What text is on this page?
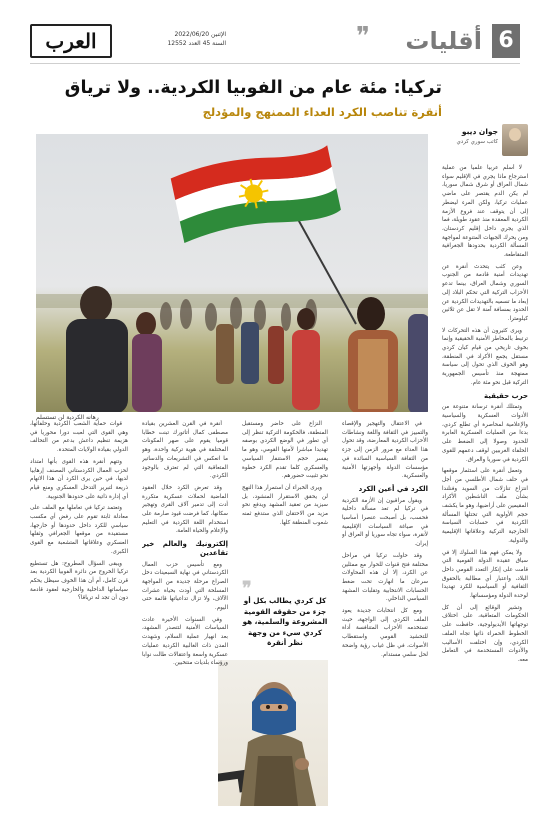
6
أقليات
❞
الإثنين 2022/06/20
السنة 45 العدد 12552
العرب
تركيا: مئة عام من الفوبيا الكردية.. ولا ترياق
أنقرة تناصب الكرد العداء الممنهج والمؤدلج
جوان ديبو
كاتب سوري كردي
رهانه الكردية لن تستسلم

لا أسلم عربيا علميا من عملية استرجاع ماذا يجري في الإقليم سواء شمال العراق أو شرق شمال سوريا، لم يكن الدم يقتصر على ماضي عمليات تركيا، ولكن المرء ليضطر إلى أن يتوقف عند فروع الأزمة الكردية المعقدة منذ عقود طويلة، فما الذي يجري داخل إقليم كردستان، ومن يحرك الجبهات المتنوعة لمواجهة المسألة الكردية بحدودها الجغرافية المتقاطعة.

وعن كثب يتحدث أنقرة عن تهديدات أمنية قادمة من الجنوب السوري وشمال العراق، بينما تدعو الأحزاب التركية التي تحكم البلاد إلى إبعاد ما تسميه بالتهديدات الكردية عن الحدود بمسافة آمنة لا تقل عن ثلاثين كيلومترا.

ويرى كثيرون أن هذه التحركات لا ترتبط بالمخاطر الأمنية الحقيقية وإنما بخوف تاريخي من قيام كيان كردي مستقل يجمع الأكراد في المنطقة، وهو الخوف الذي تحول إلى سياسة ممنهجة منذ تأسيس الجمهورية التركية قبل نحو مئة عام.

حرب حقيقية

وتمتلك أنقرة ترسانة متنوعة من الأدوات العسكرية والسياسية والإعلامية لمحاصرة أي تطلع كردي، بدءا من العمليات العسكرية العابرة للحدود وصولا إلى الضغط على الحلفاء الغربيين لوقف دعمهم للقوى الكردية في سوريا والعراق.

وتعمل أنقرة على استثمار موقعها في حلف شمال الأطلسي من أجل انتزاع تنازلات من السويد وفنلندا بشأن ملف الناشطين الأكراد المقيمين على أراضيها، وهو ما يكشف حجم الأولوية التي تحتلها المسألة الكردية في حسابات السياسة الخارجية التركية وعلاقاتها الإقليمية والدولية.

ولا يمكن فهم هذا السلوك إلا في سياق عقيدة الدولة القومية التي قامت على إنكار التعدد القومي داخل البلاد، واعتبار أي مطالبة بالحقوق الثقافية أو السياسية للكرد تهديدا لوحدة الدولة ومؤسساتها.

وتشير الوقائع إلى أن كل الحكومات المتعاقبة، على اختلاف توجهاتها الأيديولوجية، حافظت على الخطوط الحمراء ذاتها تجاه الملف الكردي، وإن اختلفت الأساليب والأدوات المستخدمة في التعامل معه.

في الاعتقال والتهجير والإقصاء والتمييز في الثقافة واللغة ونشاطات الأحزاب الكردية المعارضة، وقد تحول هذا العداء مع مرور الزمن إلى جزء من الثقافة السياسية السائدة في مؤسسات الدولة وأجهزتها الأمنية والعسكرية.

الكرد في أعين الكرد

ويقول مراقبون إن الأزمة الكردية في تركيا لم تعد مسألة داخلية فحسب، بل أصبحت عنصرا أساسيا في صياغة السياسات الإقليمية لأنقرة، سواء تجاه سوريا أو العراق أو إيران.

وقد حاولت تركيا في مراحل مختلفة فتح قنوات للحوار مع ممثلين عن الكرد، إلا أن هذه المحاولات سرعان ما انهارت تحت ضغط الحسابات الانتخابية وتقلبات المشهد السياسي الداخلي.

ومع كل انتخابات جديدة يعود الملف الكردي إلى الواجهة، حيث تستخدمه الأحزاب المتنافسة أداة للتحشيد القومي واستقطاب الأصوات، في ظل غياب رؤية واضحة لحل سلمي مستدام.

النزاع على حاضر ومستقبل المنطقة، فالحكومة التركية تنظر إلى أي تطور في الوضع الكردي بوصفه تهديدا مباشرا لأمنها القومي، وهو ما يفسر حجم الاستنفار السياسي والعسكري كلما تقدم الكرد خطوة نحو تثبيت حضورهم.

ويرى الخبراء أن استمرار هذا النهج لن يحقق الاستقرار المنشود، بل سيزيد من تعقيد المشهد ويدفع نحو مزيد من الاحتقان الذي ستدفع ثمنه شعوب المنطقة كلها.

❞
كل كردي يطالب بكل أو جزء من حقوقه القومية المشروعة والسلمية، هو كردي سيء من وجهة نظر أنقرة

أنقرة في القرن العشرين بقيادة مصطفى كمال أتاتورك تبنت خطابا قوميا يقوم على صهر المكونات المختلفة في هوية تركية واحدة، وهو ما انعكس في التشريعات والدساتير المتعاقبة التي لم تعترف بالوجود الكردي.

وقد تعرض الكرد خلال العقود الماضية لحملات عسكرية متكررة أدت إلى تدمير آلاف القرى وتهجير سكانها، كما فرضت قيود صارمة على استخدام اللغة الكردية في التعليم والإعلام والحياة العامة.

إلكترونيك والعالم خير تقاعدين

ومع تأسيس حزب العمال الكردستاني في نهاية السبعينات دخل الصراع مرحلة جديدة من المواجهة المسلحة التي أودت بحياة عشرات الآلاف، ولا تزال تداعياتها قائمة حتى اليوم.

وفي السنوات الأخيرة عادت السياسات الأمنية لتتصدر المشهد، بعد انهيار عملية السلام، وشهدت المدن ذات الغالبية الكردية عمليات عسكرية واسعة واعتقالات طالت نوابا ورؤساء بلديات منتخبين.

قوات حماية الشعب الكردية وحلفائها، وهي القوى التي لعبت دورا محوريا في هزيمة تنظيم داعش بدعم من التحالف الدولي بقيادة الولايات المتحدة.

وتتهم أنقرة هذه القوى بأنها امتداد لحزب العمال الكردستاني المصنف إرهابيا لديها، في حين يرى الكرد أن هذا الاتهام ذريعة لتبرير التدخل العسكري ومنع قيام أي إدارة ذاتية على حدودها الجنوبية.

وتعتمد تركيا في تعاملها مع الملف على معادلة ثابتة تقوم على رفض أي مكسب سياسي للكرد داخل حدودها أو خارجها، مستفيدة من موقعها الجغرافي وثقلها العسكري وعلاقاتها المتشعبة مع القوى الكبرى.

ويبقى السؤال المطروح: هل تستطيع تركيا الخروج من دائرة الفوبيا الكردية بعد قرن كامل، أم أن هذا الخوف سيظل يحكم سياساتها الداخلية والخارجية لعقود قادمة دون أن تجد له ترياقا؟
